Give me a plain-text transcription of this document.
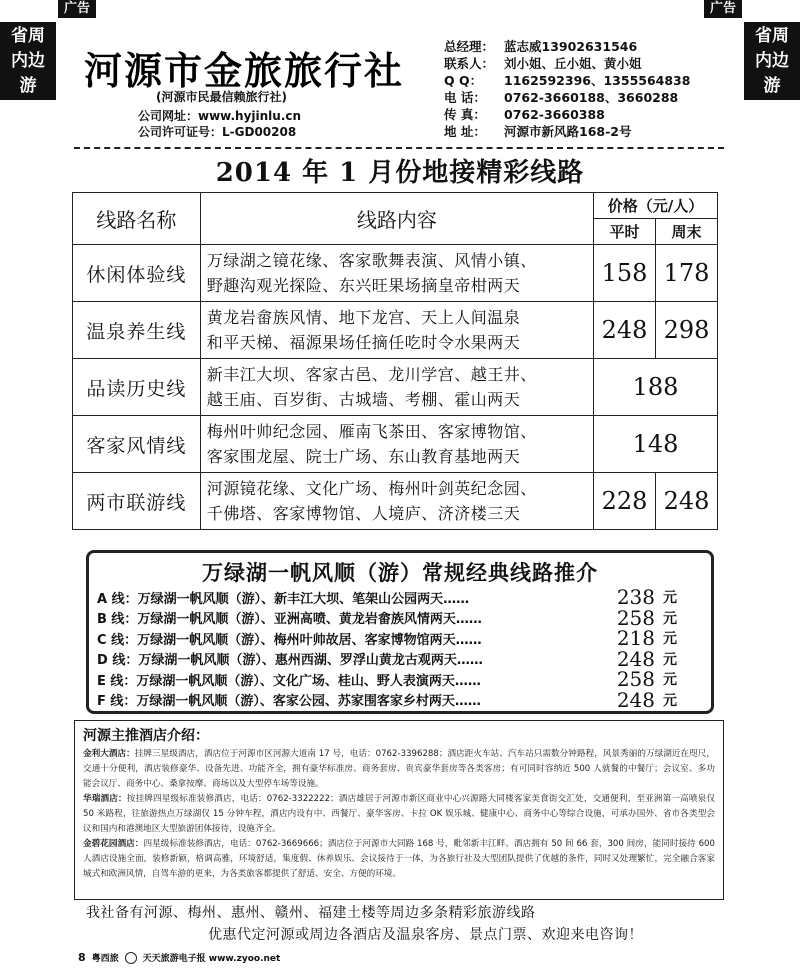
广告	广告
省周
内边
游
省周
内边
游
河源市金旅旅行社
(河源市民最信赖旅行社)
公司网址：www.hyjinlu.cn
公司许可证号：L-GD00208
总经理： 蓝志威13902631546
联系人： 刘小姐、丘小姐、黄小姐
Q Q： 1162592396、1355564838
电 话： 0762-3660188、3660288
传 真： 0762-3660388
地 址： 河源市新风路168-2号
2014 年 1 月份地接精彩线路
线路名称	线路内容	价格（元/人）	
		平时	周末
休闲体验线	万绿湖之镜花缘、客家歌舞表演、风情小镇、
野趣沟观光探险、东兴旺果场摘皇帝柑两天	158	178
温泉养生线	黄龙岩畲族风情、地下龙宫、天上人间温泉
和平天梯、福源果场任摘任吃时令水果两天	248	298
品读历史线	新丰江大坝、客家古邑、龙川学宫、越王井、
越王庙、百岁街、古城墙、考棚、霍山两天	188	
客家风情线	梅州叶帅纪念园、雁南飞茶田、客家博物馆、
客家围龙屋、院士广场、东山教育基地两天	148	
两市联游线	河源镜花缘、文化广场、梅州叶剑英纪念园、
千佛塔、客家博物馆、人境庐、济济楼三天	228	248
万绿湖一帆风顺（游）常规经典线路推介
A 线：万绿湖一帆风顺（游）、新丰江大坝、笔架山公园两天……	238 元
B 线：万绿湖一帆风顺（游）、亚洲高喷、黄龙岩畲族风情两天……	258 元
C 线：万绿湖一帆风顺（游）、梅州叶帅故居、客家博物馆两天……	218 元
D 线：万绿湖一帆风顺（游）、惠州西湖、罗浮山黄龙古观两天……	248 元
E 线：万绿湖一帆风顺（游）、文化广场、桂山、野人表演两天……	258 元
F 线：万绿湖一帆风顺（游）、客家公园、苏家围客家乡村两天……	248 元
河源主推酒店介绍：

金利大酒店：挂牌三星级酒店，酒店位于河源市区河源大道南 17 号，电话：0762-3396288；酒店距火车站、汽车站只需数分钟路程，风景秀丽的万绿湖近在咫尺，交通十分便利，酒店装修豪华、设备先进、功能齐全，拥有豪华标准房、商务套房、贵宾豪华套房等各类客房；有可同时容纳近 500 人就餐的中餐厅；会议室、多功能会议厅、商务中心、桑拿按摩、商场以及大型停车场等设施。

华瑞酒店：按挂牌四星级标准装修酒店，电话：0762-3322222；酒店雄居于河源市新区商业中心兴源路大同楼客家美食街交汇处，交通便利，至亚洲第一高喷泉仅 50 米路程，往旅游热点万绿湖仅 15 分钟车程，酒店内设有中、西餐厅、豪华客房、卡拉 OK 娱乐城、健康中心、商务中心等综合设施，可承办国外、省市各类型会议和国内和港澳地区大型旅游团体接待，设施齐全。

金碧花园酒店：四星级标准装修酒店，电话：0762-3669666；酒店位于河源市大同路 168 号，毗邻新丰江畔。酒店拥有 50 间 66 套，300 间房，能同时接待 600 人酒店设施全面，装修新颖，格调高雅，环境舒适，集度假、休养娱乐、会议接待于一体，为各旅行社及大型团队提供了优越的条件，同时又处理繁忙，完全融合客家城式和欧洲风情，自驾车游的更来，为各类旅客都提供了舒适、安全、方便的环境。

我社备有河源、梅州、惠州、赣州、福建土楼等周边多条精彩旅游线路
优惠代定河源或周边各酒店及温泉客房、景点门票、欢迎来电咨询！
8 粤西旅	天天旅游电子报 www.zyoo.net
